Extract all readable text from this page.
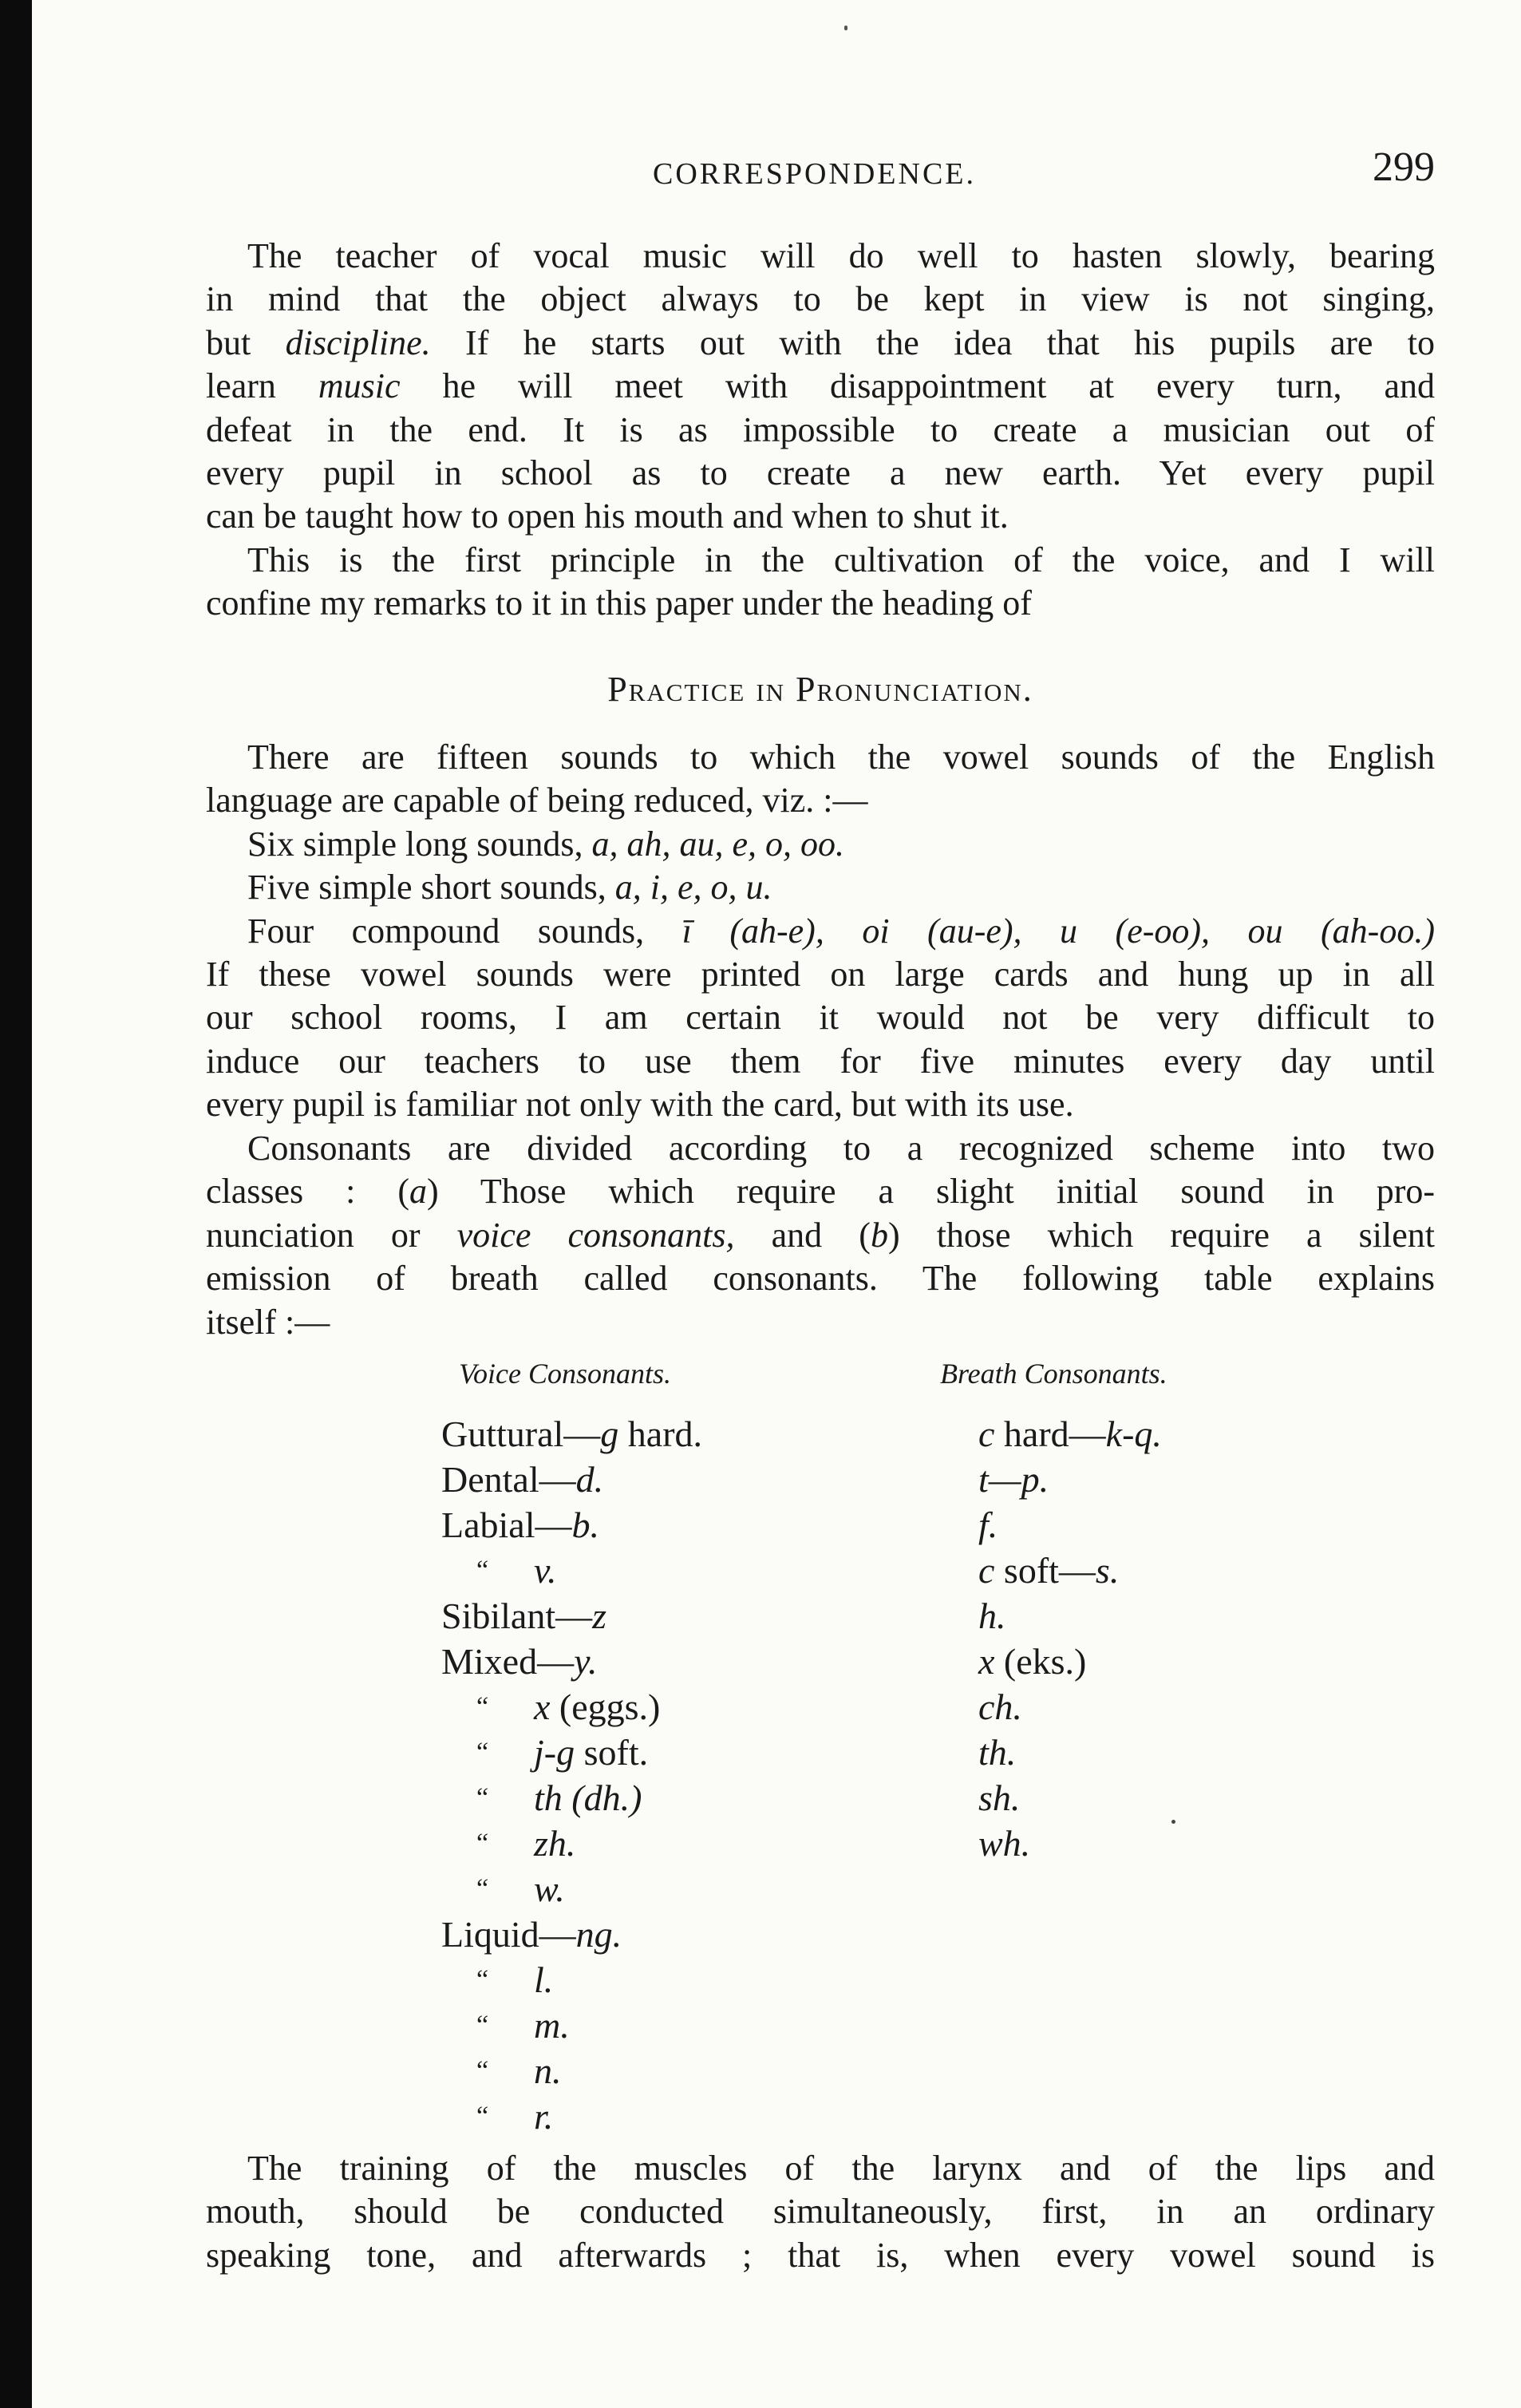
CORRESPONDENCE.	299
The teacher of vocal music will do well to hasten slowly, bearing
in mind that the object always to be kept in view is not singing,
but discipline. If he starts out with the idea that his pupils are to
learn music he will meet with disappointment at every turn, and
defeat in the end. It is as impossible to create a musician out of
every pupil in school as to create a new earth. Yet every pupil
can be taught how to open his mouth and when to shut it.
This is the first principle in the cultivation of the voice, and I will
confine my remarks to it in this paper under the heading of
Practice in Pronunciation.
There are fifteen sounds to which the vowel sounds of the English
language are capable of being reduced, viz. :—
Six simple long sounds, a, ah, au, e, o, oo.
Five simple short sounds, a, i, e, o, u.
Four compound sounds, ī (ah-e), oi (au-e), u (e-oo), ou (ah-oo.)
If these vowel sounds were printed on large cards and hung up in all
our school rooms, I am certain it would not be very difficult to
induce our teachers to use them for five minutes every day until
every pupil is familiar not only with the card, but with its use.
Consonants are divided according to a recognized scheme into two
classes : (a) Those which require a slight initial sound in pro-
nunciation or voice consonants, and (b) those which require a silent
emission of breath called consonants. The following table explains
itself :—
Voice Consonants.	Breath Consonants.
Guttural—g hard.
Dental—d.
Labial—b.
“ v.
Sibilant—z
Mixed—y.
“ x (eggs.)
“ j-g soft.
“ th (dh.)
“ zh.
“ w.
Liquid—ng.
“ l.
“ m.
“ n.
“ r.
c hard—k-q.
t—p.
f.
c soft—s.
h.
x (eks.)
ch.
th.
sh.
wh.
The training of the muscles of the larynx and of the lips and
mouth, should be conducted simultaneously, first, in an ordinary
speaking tone, and afterwards ; that is, when every vowel sound is
